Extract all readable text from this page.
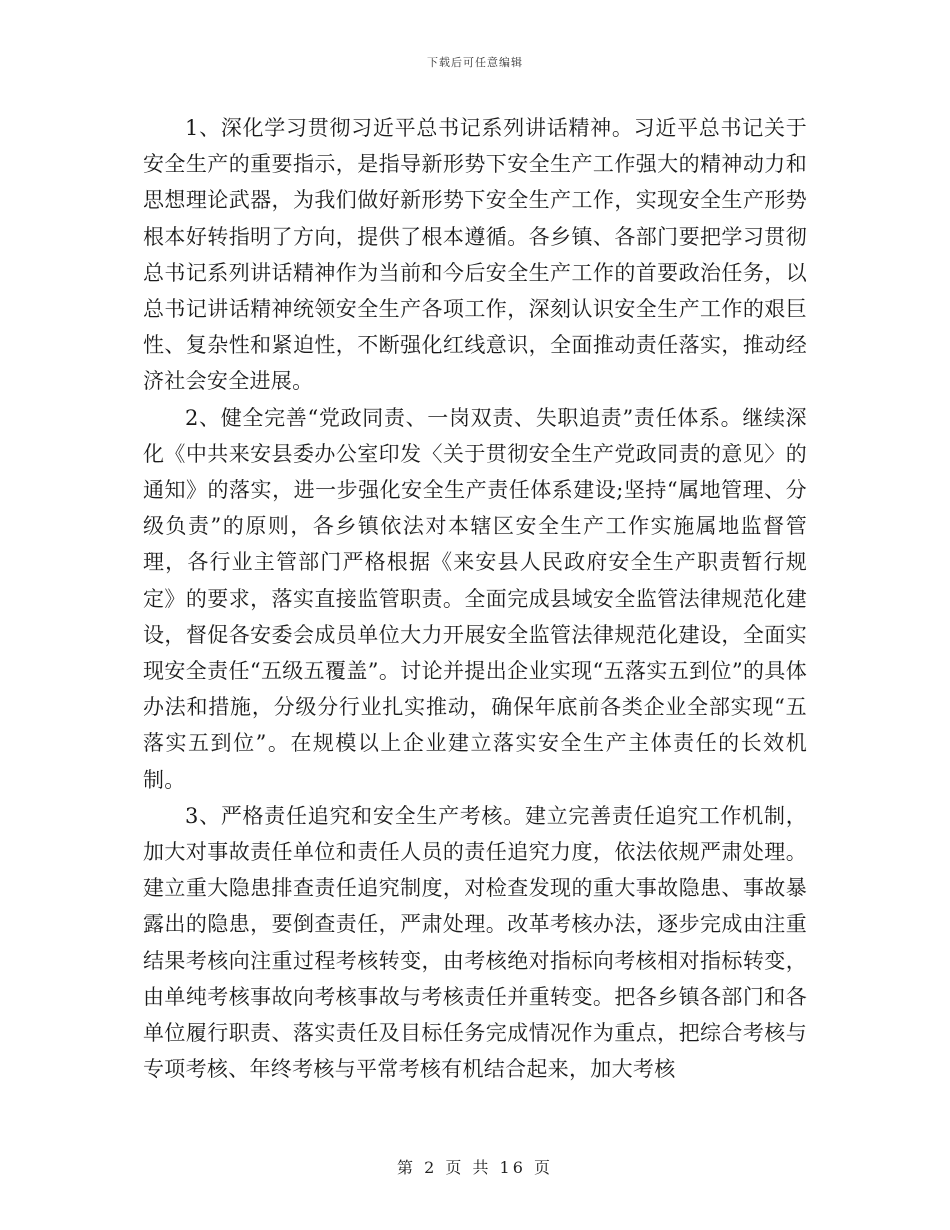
下载后可任意编辑

1、深化学习贯彻习近平总书记系列讲话精神。习近平总书记关于安全生产的重要指示，是指导新形势下安全生产工作强大的精神动力和思想理论武器，为我们做好新形势下安全生产工作，实现安全生产形势根本好转指明了方向，提供了根本遵循。各乡镇、各部门要把学习贯彻总书记系列讲话精神作为当前和今后安全生产工作的首要政治任务，以总书记讲话精神统领安全生产各项工作，深刻认识安全生产工作的艰巨性、复杂性和紧迫性，不断强化红线意识，全面推动责任落实，推动经济社会安全进展。

2、健全完善“党政同责、一岗双责、失职追责”责任体系。继续深化《中共来安县委办公室印发〈关于贯彻安全生产党政同责的意见〉的通知》的落实，进一步强化安全生产责任体系建设;坚持“属地管理、分级负责”的原则，各乡镇依法对本辖区安全生产工作实施属地监督管理，各行业主管部门严格根据《来安县人民政府安全生产职责暂行规定》的要求，落实直接监管职责。全面完成县域安全监管法律规范化建设，督促各安委会成员单位大力开展安全监管法律规范化建设，全面实现安全责任“五级五覆盖”。讨论并提出企业实现“五落实五到位”的具体办法和措施，分级分行业扎实推动，确保年底前各类企业全部实现“五落实五到位”。在规模以上企业建立落实安全生产主体责任的长效机制。

3、严格责任追究和安全生产考核。建立完善责任追究工作机制，加大对事故责任单位和责任人员的责任追究力度，依法依规严肃处理。建立重大隐患排查责任追究制度，对检查发现的重大事故隐患、事故暴露出的隐患，要倒查责任，严肃处理。改革考核办法，逐步完成由注重结果考核向注重过程考核转变，由考核绝对指标向考核相对指标转变，由单纯考核事故向考核事故与考核责任并重转变。把各乡镇各部门和各单位履行职责、落实责任及目标任务完成情况作为重点，把综合考核与专项考核、年终考核与平常考核有机结合起来，加大考核

第 2 页 共 16 页
